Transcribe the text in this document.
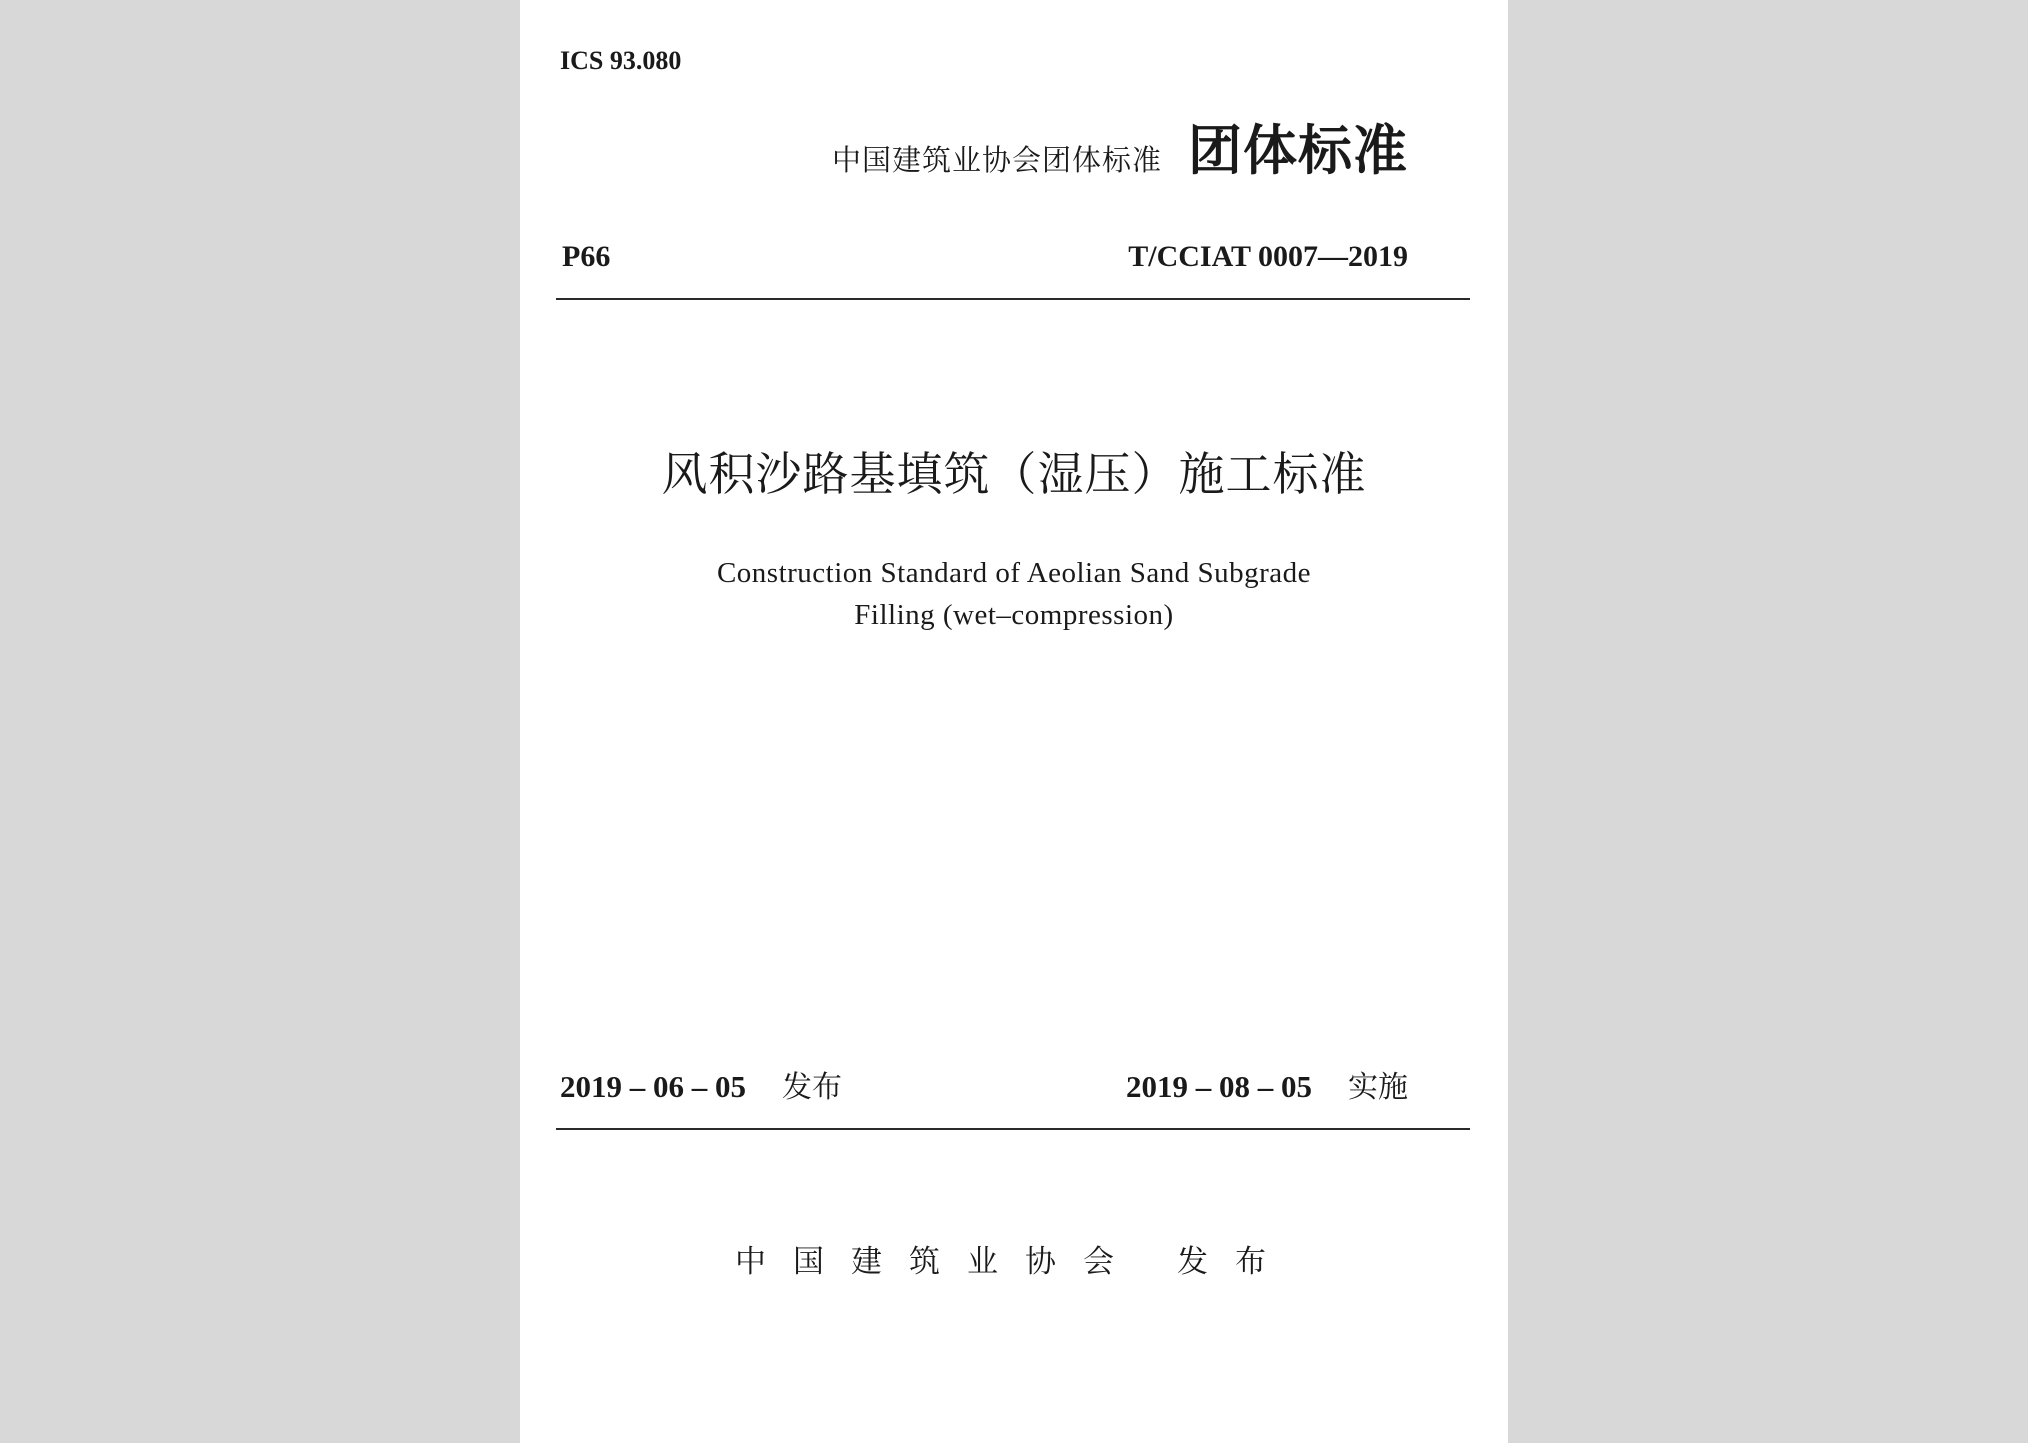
ICS 93.080
中国建筑业协会团体标准 团体标准
P66	T/CCIAT 0007—2019
风积沙路基填筑（湿压）施工标准
Construction Standard of Aeolian Sand Subgrade
Filling (wet–compression)
2019 – 06 – 05 发布	2019 – 08 – 05 实施
中国建筑业协会 发布
